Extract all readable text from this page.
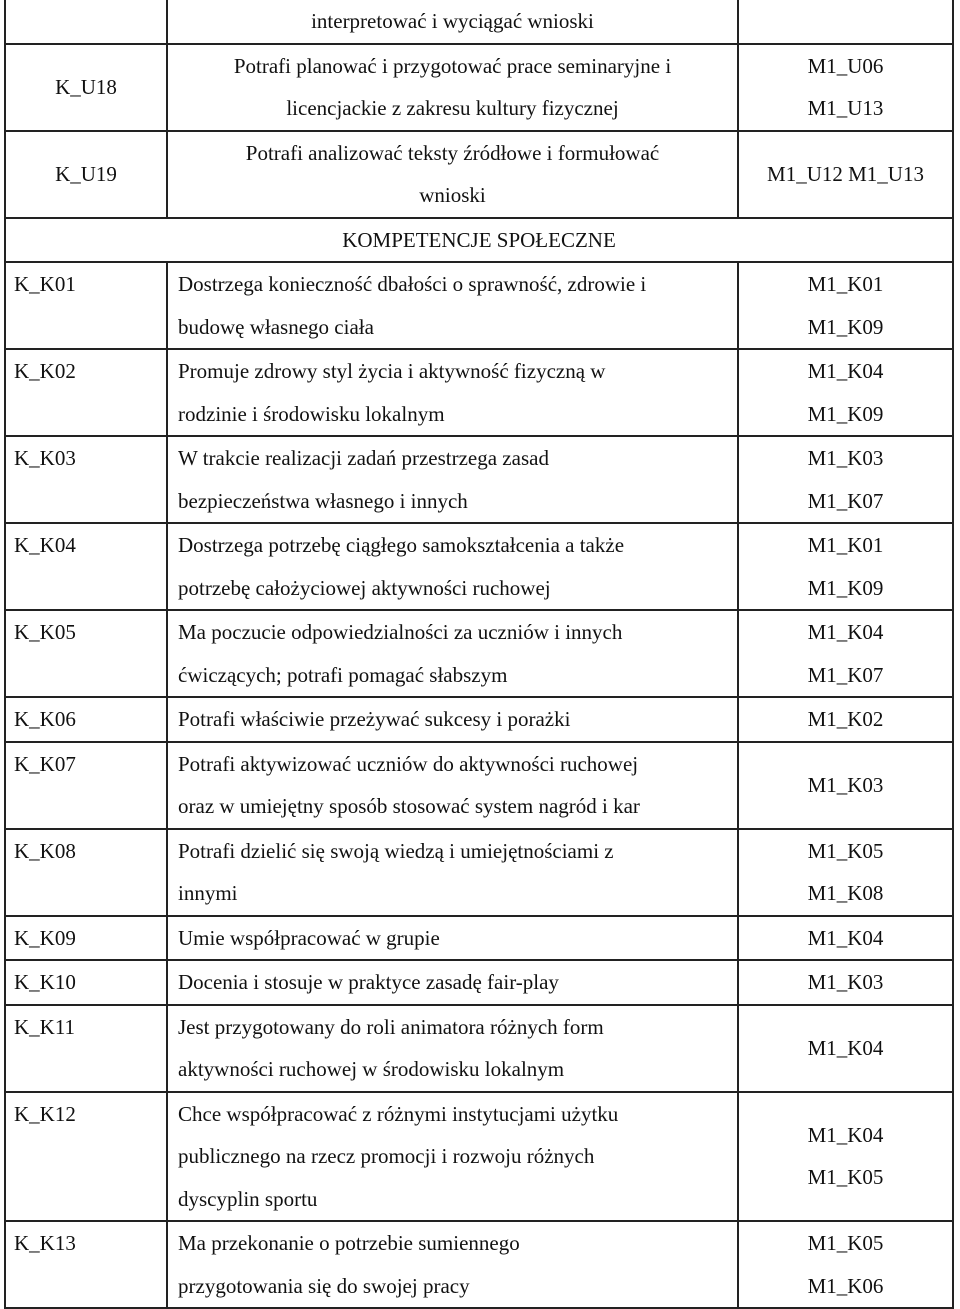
	interpretować i wyciągać wnioski	
K_U18	Potrafi planować i przygotować prace seminaryjne i
licencjackie z zakresu kultury fizycznej	M1_U06
M1_U13

K_U19	Potrafi analizować teksty źródłowe i formułować
wnioski	M1_U12 M1_U13

KOMPETENCJE SPOŁECZNE		
K_K01	Dostrzega konieczność dbałości o sprawność, zdrowie i
budowę własnego ciała	M1_K01
M1_K09

K_K02	Promuje zdrowy styl życia i aktywność fizyczną w
rodzinie i środowisku lokalnym	M1_K04
M1_K09

K_K03	W trakcie realizacji zadań przestrzega zasad
bezpieczeństwa własnego i innych	M1_K03
M1_K07

K_K04	Dostrzega potrzebę ciągłego samokształcenia a także
potrzebę całożyciowej aktywności ruchowej	M1_K01
M1_K09

K_K05	Ma poczucie odpowiedzialności za uczniów i innych
ćwiczących; potrafi pomagać słabszym	M1_K04
M1_K07

K_K06	Potrafi właściwie przeżywać sukcesy i porażki	M1_K02

K_K07	Potrafi aktywizować uczniów do aktywności ruchowej
oraz w umiejętny sposób stosować system nagród i kar	M1_K03

K_K08	Potrafi dzielić się swoją wiedzą i umiejętnościami z
innymi	M1_K05
M1_K08

K_K09	Umie współpracować w grupie	M1_K04

K_K10	Docenia i stosuje w praktyce zasadę fair-play	M1_K03

K_K11	Jest przygotowany do roli animatora różnych form
aktywności ruchowej w środowisku lokalnym	M1_K04

K_K12	Chce współpracować z różnymi instytucjami użytku
publicznego na rzecz promocji i rozwoju różnych
dyscyplin sportu	M1_K04
M1_K05

K_K13	Ma przekonanie o potrzebie sumiennego
przygotowania się do swojej pracy	M1_K05
M1_K06
